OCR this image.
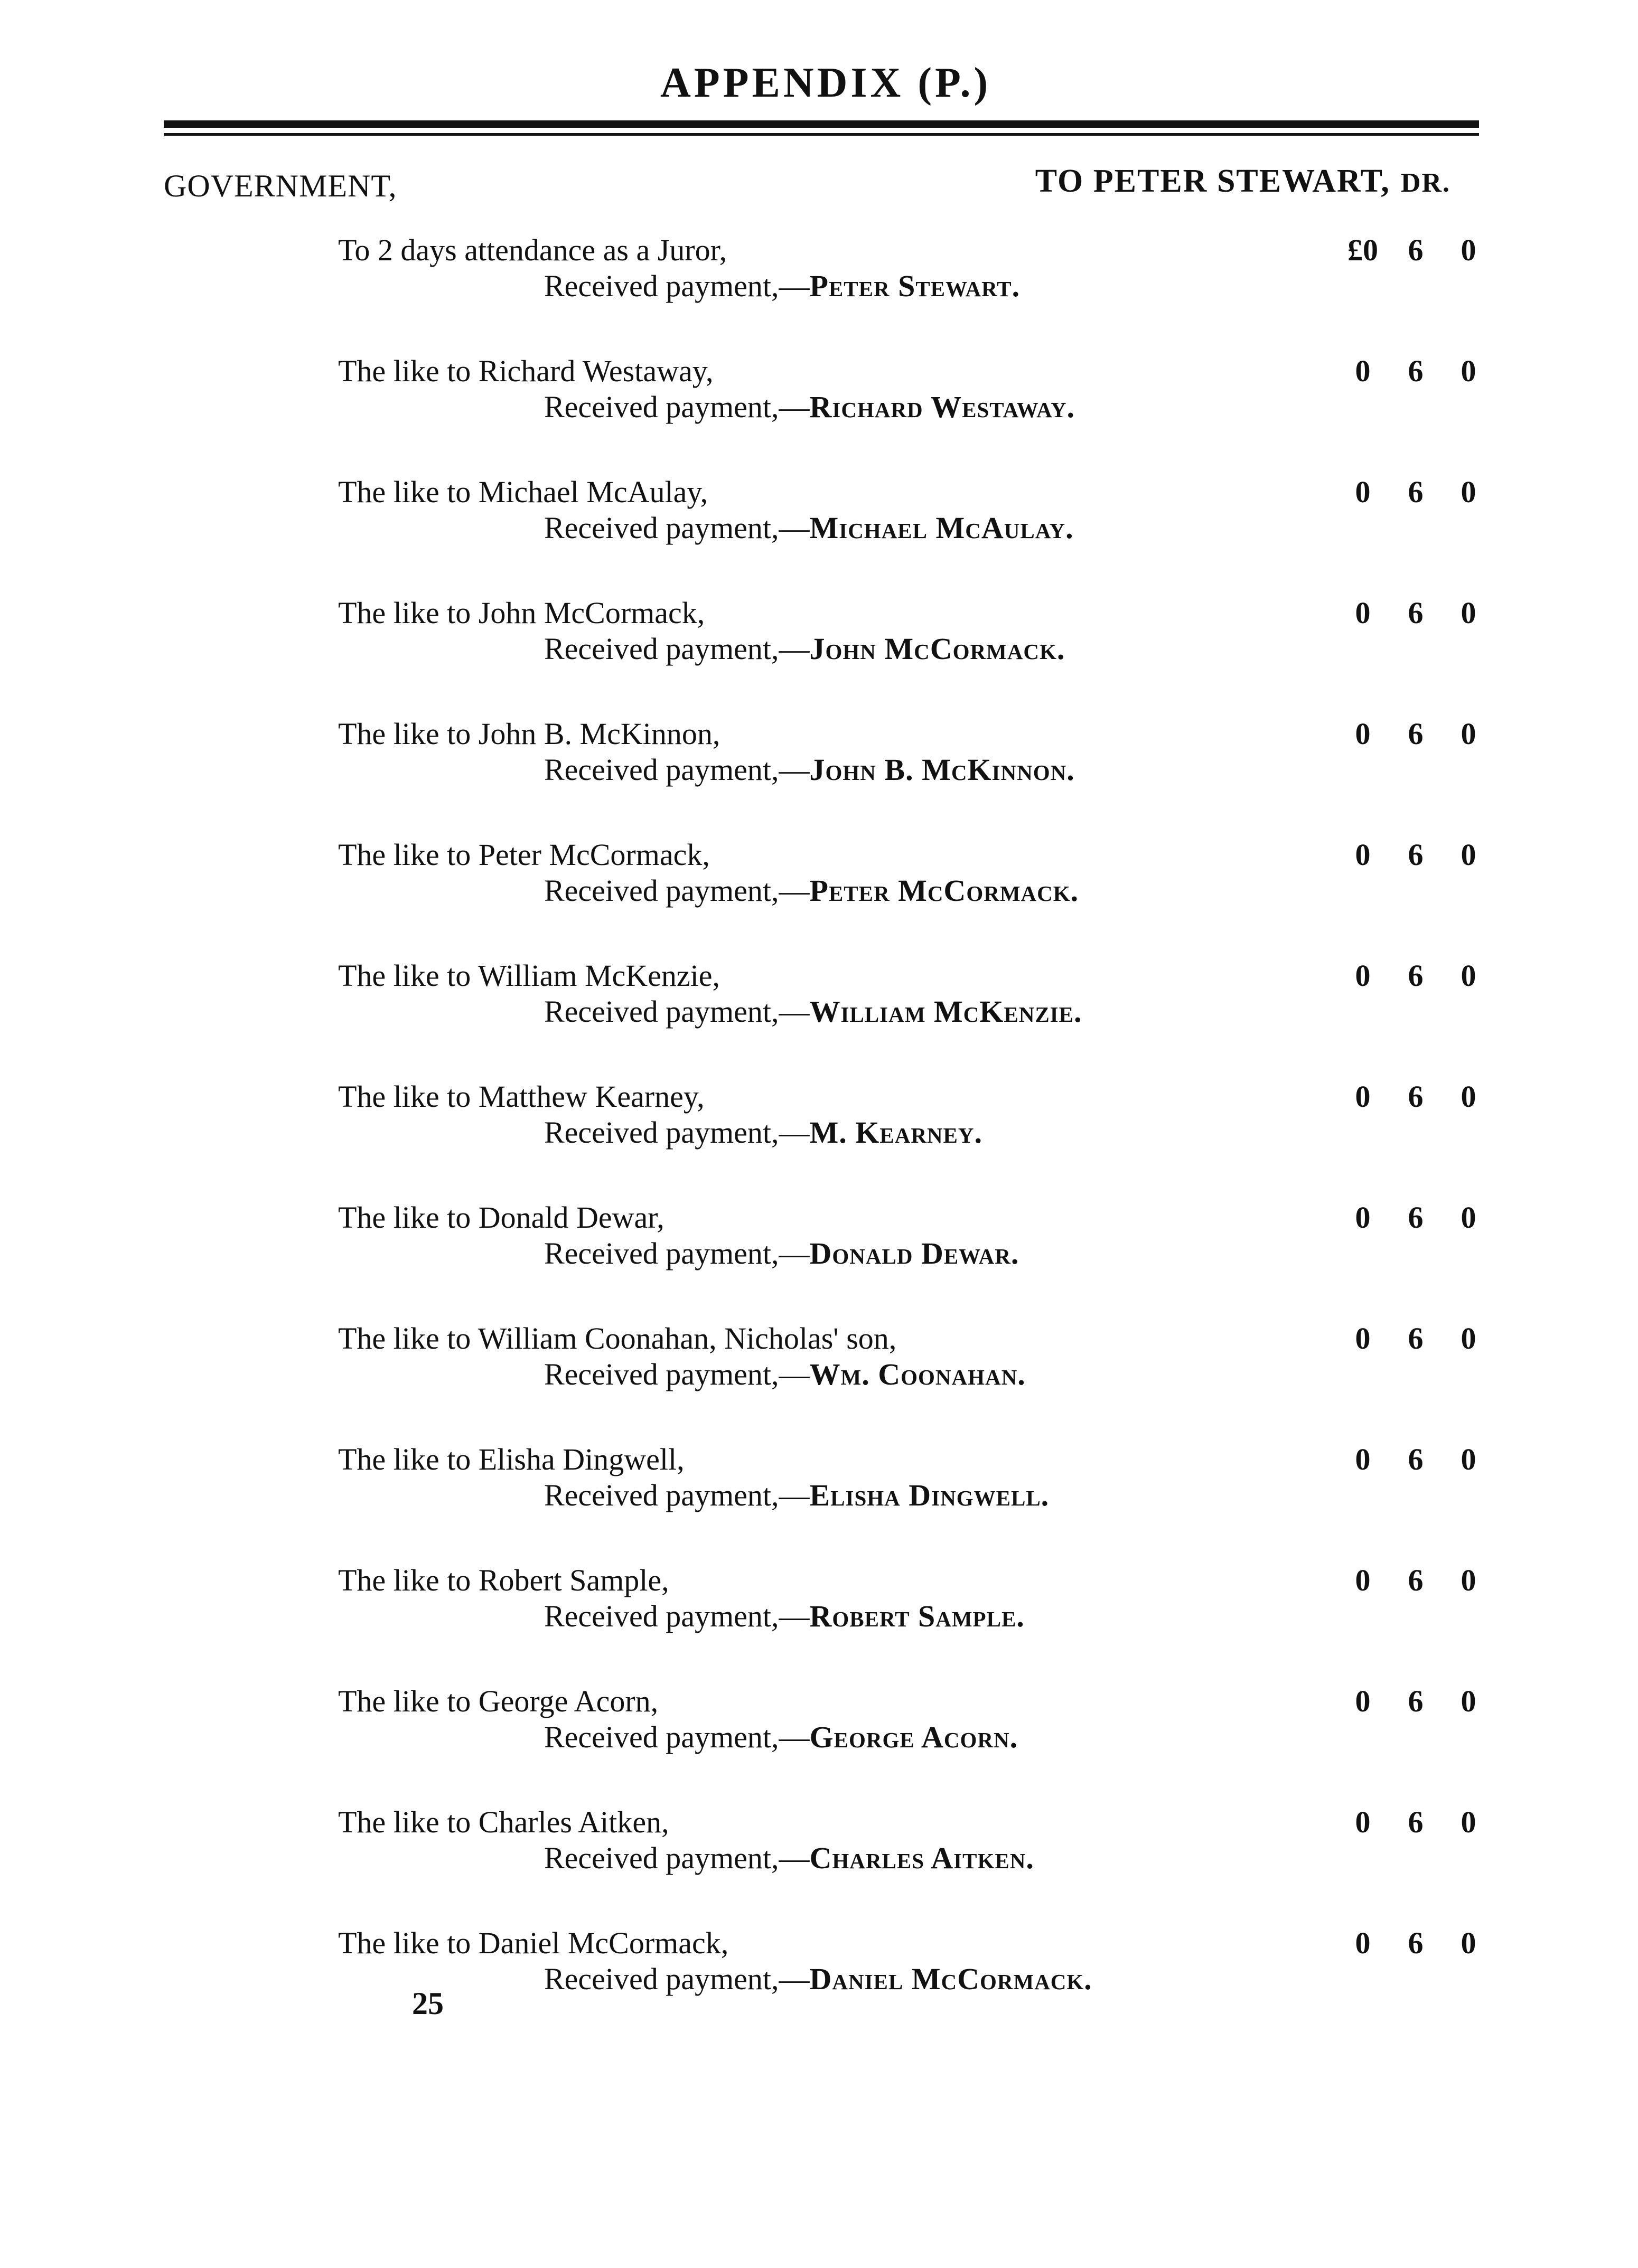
APPENDIX (P.)
GOVERNMENT,	TO PETER STEWART, DR.
To 2 days attendance as a Juror,
Received payment,—Peter Stewart.
£0 6	0
The like to Richard Westaway,
Received payment,—Richard Westaway.
0	6	0
The like to Michael McAulay,
Received payment,—Michael McAulay.
0	6	0
The like to John McCormack,
Received payment,—John McCormack.
0	6	0
The like to John B. McKinnon,
Received payment,—John B. McKinnon.
0	6	0
The like to Peter McCormack,
Received payment,—Peter McCormack.
0	6	0
The like to William McKenzie,
Received payment,—William McKenzie.
0	6	0
The like to Matthew Kearney,
Received payment,—M. Kearney.
0	6	0
The like to Donald Dewar,
Received payment,—Donald Dewar.
0	6	0
The like to William Coonahan, Nicholas' son,
Received payment,—Wm. Coonahan.
0	6	0
The like to Elisha Dingwell,
Received payment,—Elisha Dingwell.
0	6	0
The like to Robert Sample,
Received payment,—Robert Sample.
0	6	0
The like to George Acorn,
Received payment,—George Acorn.
0	6	0
The like to Charles Aitken,
Received payment,—Charles Aitken.
0	6	0
The like to Daniel McCormack,
Received payment,—Daniel McCormack.
0	6	0
25
